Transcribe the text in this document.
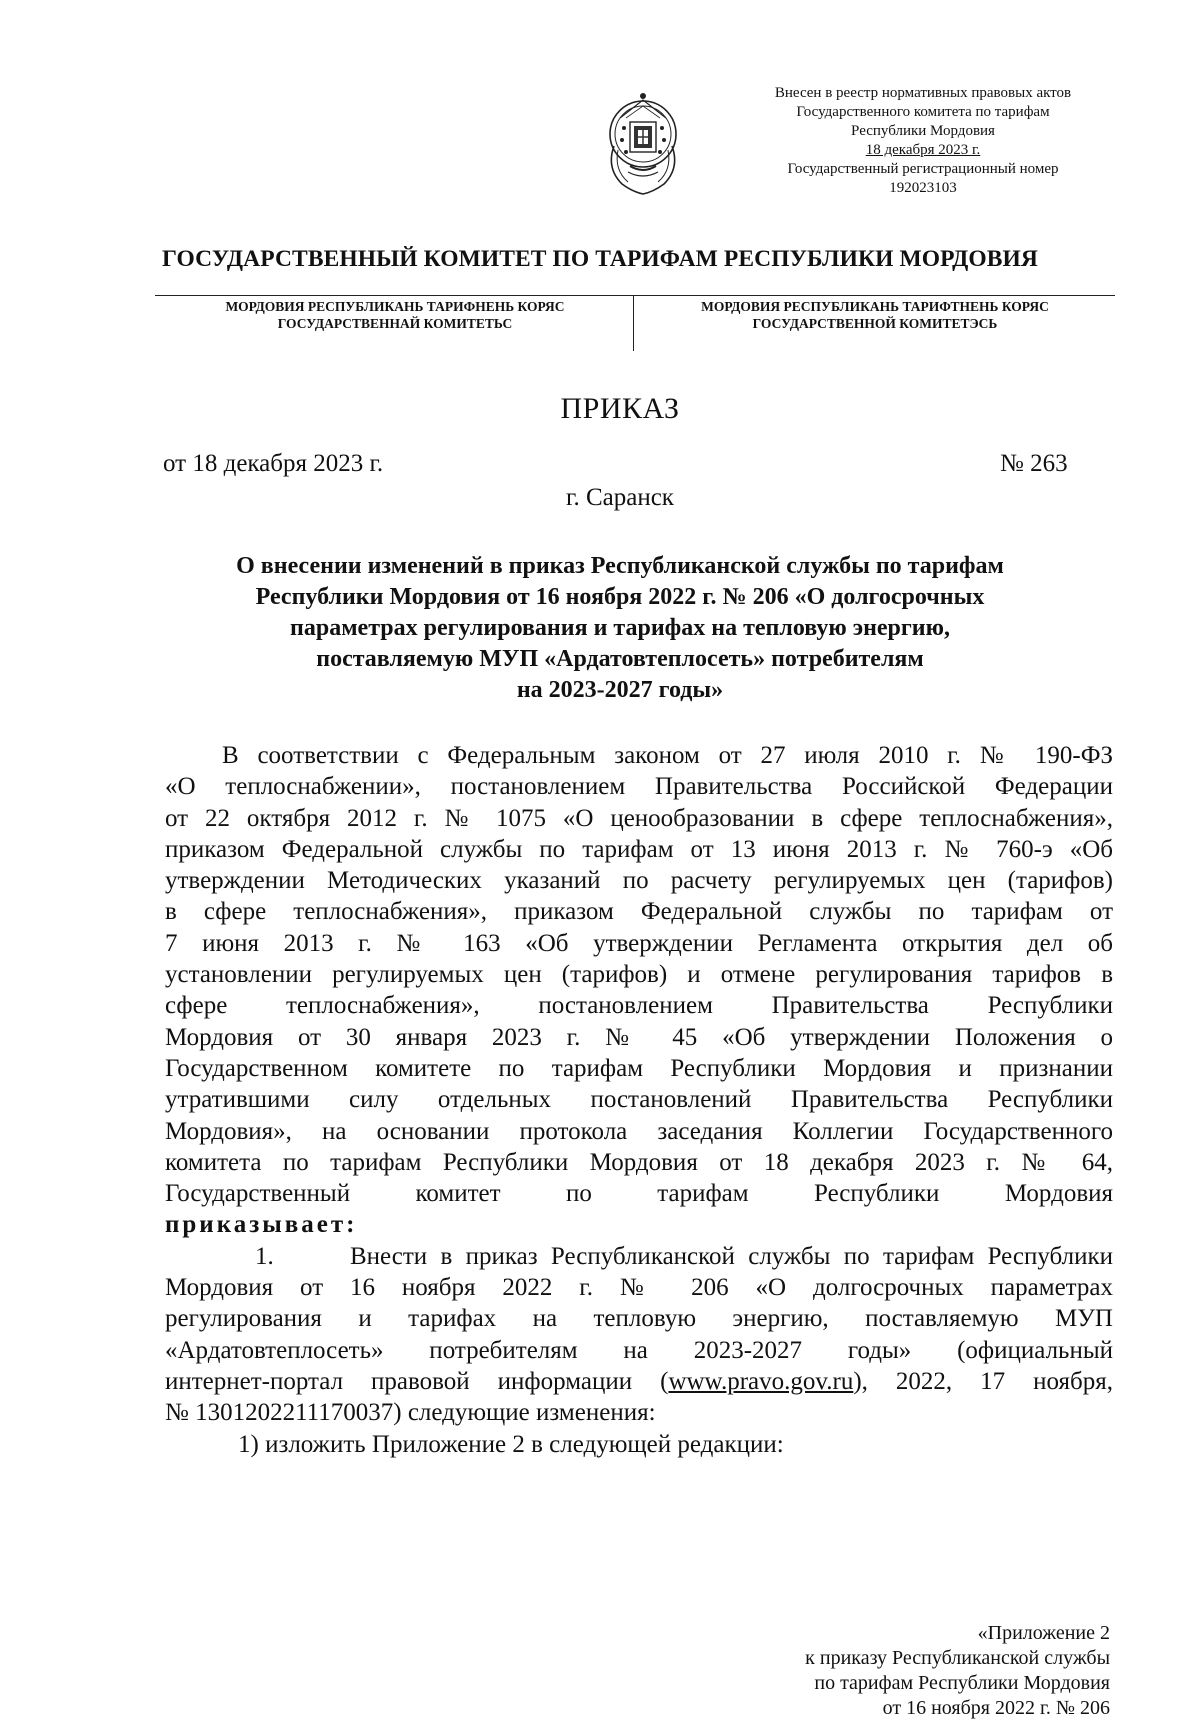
Внесен в реестр нормативных правовых актов
Государственного комитета по тарифам
Республики Мордовия
18 декабря 2023 г.
Государственный регистрационный номер
192023103
ГОСУДАРСТВЕННЫЙ КОМИТЕТ ПО ТАРИФАМ РЕСПУБЛИКИ МОРДОВИЯ
МОРДОВИЯ РЕСПУБЛИКАНЬ ТАРИФНЕНЬ КОРЯС
ГОСУДАРСТВЕННАЙ КОМИТЕТЬС
МОРДОВИЯ РЕСПУБЛИКАНЬ ТАРИФТНЕНЬ КОРЯС
ГОСУДАРСТВЕННОЙ КОМИТЕТЭСЬ
ПРИКАЗ
от 18 декабря 2023 г.	№ 263
г. Саранск
О внесении изменений в приказ Республиканской службы по тарифам
Республики Мордовия от 16 ноября 2022 г. № 206 «О долгосрочных
параметрах регулирования и тарифах на тепловую энергию,
поставляемую МУП «Ардатовтеплосеть» потребителям
на 2023-2027 годы»
В соответствии с Федеральным законом от 27 июля 2010 г. № 190-ФЗ
«О теплоснабжении», постановлением Правительства Российской Федерации
от 22 октября 2012 г. № 1075 «О ценообразовании в сфере теплоснабжения»,
приказом Федеральной службы по тарифам от 13 июня 2013 г. № 760-э «Об
утверждении Методических указаний по расчету регулируемых цен (тарифов)
в сфере теплоснабжения», приказом Федеральной службы по тарифам от
7 июня 2013 г. № 163 «Об утверждении Регламента открытия дел об
установлении регулируемых цен (тарифов) и отмене регулирования тарифов в
сфере теплоснабжения», постановлением Правительства Республики
Мордовия от 30 января 2023 г. № 45 «Об утверждении Положения о
Государственном комитете по тарифам Республики Мордовия и признании
утратившими силу отдельных постановлений Правительства Республики
Мордовия», на основании протокола заседания Коллегии Государственного
комитета по тарифам Республики Мордовия от 18 декабря 2023 г. № 64,
Государственный комитет по тарифам Республики Мордовия
приказывает:
1.	Внести в приказ Республиканской службы по тарифам Республики
Мордовия от 16 ноября 2022 г. № 206 «О долгосрочных параметрах
регулирования и тарифах на тепловую энергию, поставляемую МУП
«Ардатовтеплосеть» потребителям на 2023-2027 годы» (официальный
интернет-портал правовой информации (www.pravo.gov.ru), 2022, 17 ноября,
№ 1301202211170037) следующие изменения:
1) изложить Приложение 2 в следующей редакции:
«Приложение 2
к приказу Республиканской службы
по тарифам Республики Мордовия
от 16 ноября 2022 г. № 206
